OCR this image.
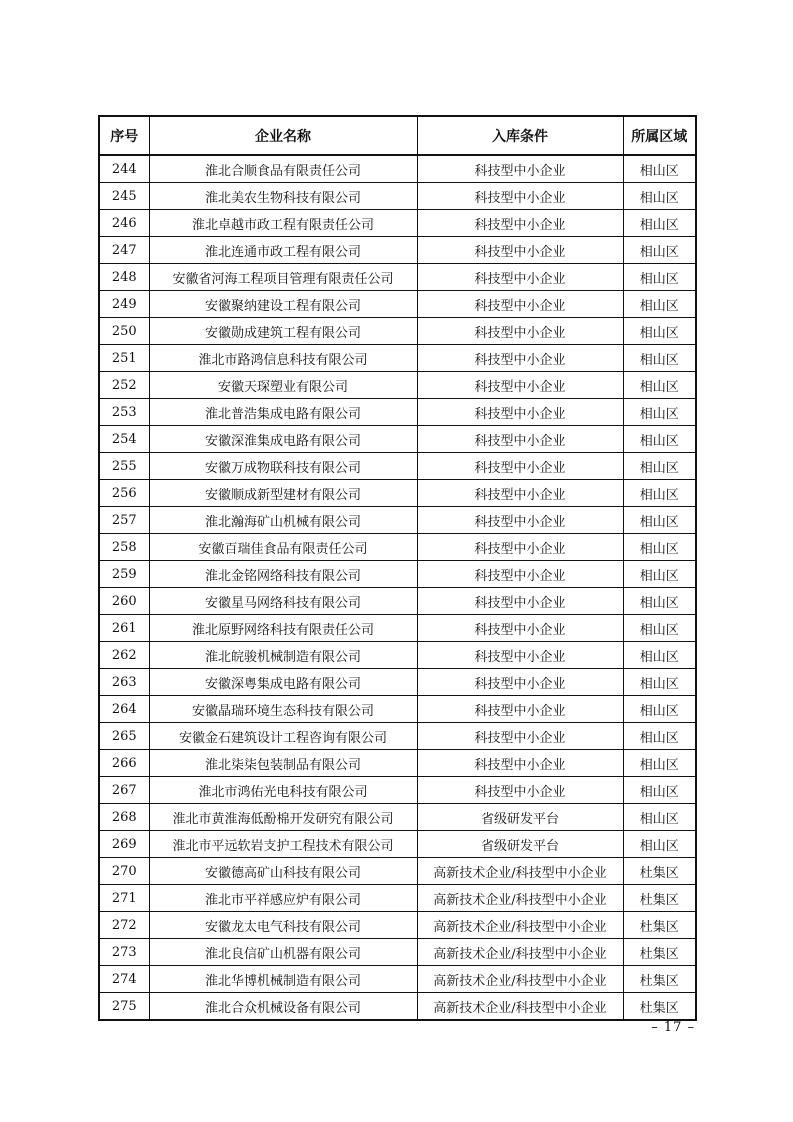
序号	企业名称	入库条件	所属区域
244	淮北合顺食品有限责任公司	科技型中小企业	相山区
245	淮北美农生物科技有限公司	科技型中小企业	相山区
246	淮北卓越市政工程有限责任公司	科技型中小企业	相山区
247	淮北连通市政工程有限公司	科技型中小企业	相山区
248	安徽省河海工程项目管理有限责任公司	科技型中小企业	相山区
249	安徽聚纳建设工程有限公司	科技型中小企业	相山区
250	安徽勋成建筑工程有限公司	科技型中小企业	相山区
251	淮北市路鸿信息科技有限公司	科技型中小企业	相山区
252	安徽天琛塑业有限公司	科技型中小企业	相山区
253	淮北普浩集成电路有限公司	科技型中小企业	相山区
254	安徽深淮集成电路有限公司	科技型中小企业	相山区
255	安徽万成物联科技有限公司	科技型中小企业	相山区
256	安徽顺成新型建材有限公司	科技型中小企业	相山区
257	淮北瀚海矿山机械有限公司	科技型中小企业	相山区
258	安徽百瑞佳食品有限责任公司	科技型中小企业	相山区
259	淮北金铭网络科技有限公司	科技型中小企业	相山区
260	安徽星马网络科技有限公司	科技型中小企业	相山区
261	淮北原野网络科技有限责任公司	科技型中小企业	相山区
262	淮北皖骏机械制造有限公司	科技型中小企业	相山区
263	安徽深粤集成电路有限公司	科技型中小企业	相山区
264	安徽晶瑞环境生态科技有限公司	科技型中小企业	相山区
265	安徽金石建筑设计工程咨询有限公司	科技型中小企业	相山区
266	淮北柒柒包装制品有限公司	科技型中小企业	相山区
267	淮北市鸿佑光电科技有限公司	科技型中小企业	相山区
268	淮北市黄淮海低酚棉开发研究有限公司	省级研发平台	相山区
269	淮北市平远软岩支护工程技术有限公司	省级研发平台	相山区
270	安徽德高矿山科技有限公司	高新技术企业/科技型中小企业	杜集区
271	淮北市平祥感应炉有限公司	高新技术企业/科技型中小企业	杜集区
272	安徽龙太电气科技有限公司	高新技术企业/科技型中小企业	杜集区
273	淮北良信矿山机器有限公司	高新技术企业/科技型中小企业	杜集区
274	淮北华博机械制造有限公司	高新技术企业/科技型中小企业	杜集区
275	淮北合众机械设备有限公司	高新技术企业/科技型中小企业	杜集区
– 17 –
